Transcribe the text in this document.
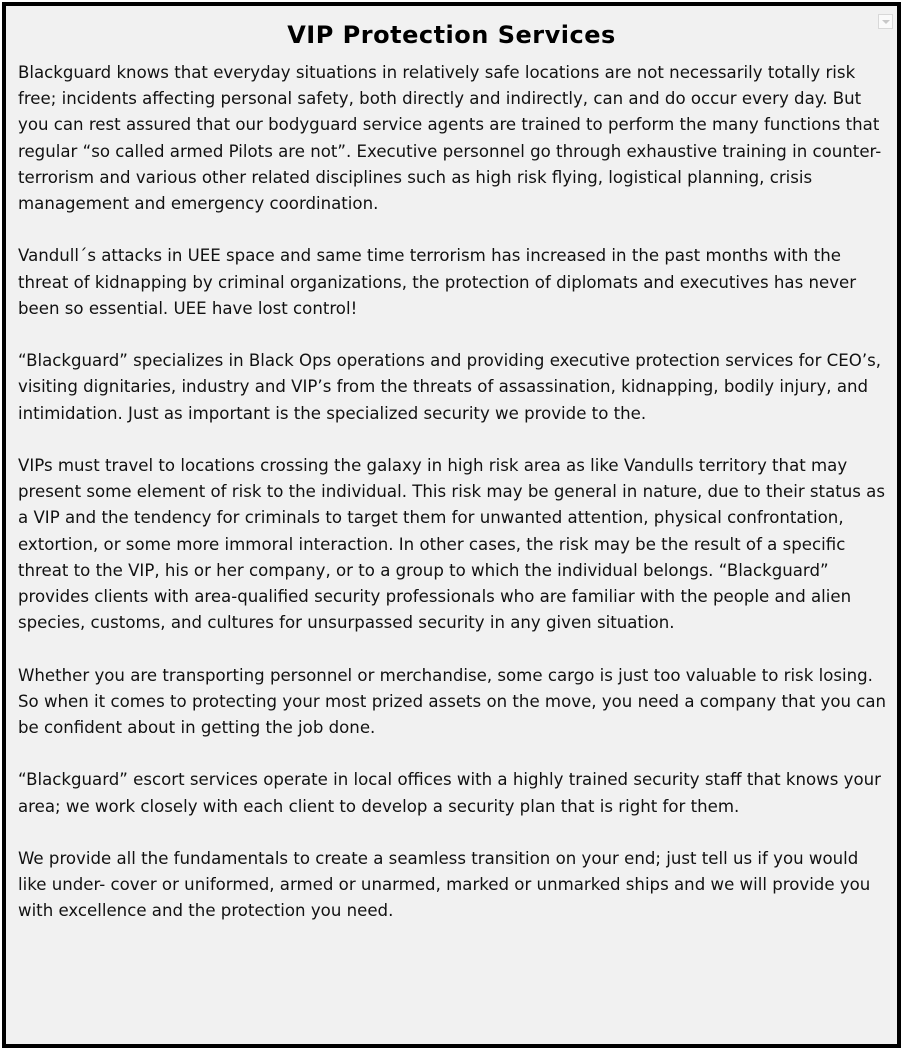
VIP Protection Services

Blackguard knows that everyday situations in relatively safe locations are not necessarily totally risk free; incidents affecting personal safety, both directly and indirectly, can and do occur every day. But you can rest assured that our bodyguard service agents are trained to perform the many functions that regular “so called armed Pilots are not”. Executive personnel go through exhaustive training in counter-terrorism and various other related disciplines such as high risk flying, logistical planning, crisis management and emergency coordination.

Vandull´s attacks in UEE space and same time terrorism has increased in the past months with the threat of kidnapping by criminal organizations, the protection of diplomats and executives has never been so essential. UEE have lost control!

“Blackguard” specializes in Black Ops operations and providing executive protection services for CEO’s, visiting dignitaries, industry and VIP’s from the threats of assassination, kidnapping, bodily injury, and intimidation. Just as important is the specialized security we provide to the.

VIPs must travel to locations crossing the galaxy in high risk area as like Vandulls territory that may present some element of risk to the individual. This risk may be general in nature, due to their status as a VIP and the tendency for criminals to target them for unwanted attention, physical confrontation, extortion, or some more immoral interaction. In other cases, the risk may be the result of a specific threat to the VIP, his or her company, or to a group to which the individual belongs. “Blackguard” provides clients with area-qualified security professionals who are familiar with the people and alien species, customs, and cultures for unsurpassed security in any given situation.

Whether you are transporting personnel or merchandise, some cargo is just too valuable to risk losing. So when it comes to protecting your most prized assets on the move, you need a company that you can be confident about in getting the job done.

“Blackguard” escort services operate in local offices with a highly trained security staff that knows your area; we work closely with each client to develop a security plan that is right for them.

We provide all the fundamentals to create a seamless transition on your end; just tell us if you would like under- cover or uniformed, armed or unarmed, marked or unmarked ships and we will provide you with excellence and the protection you need.
